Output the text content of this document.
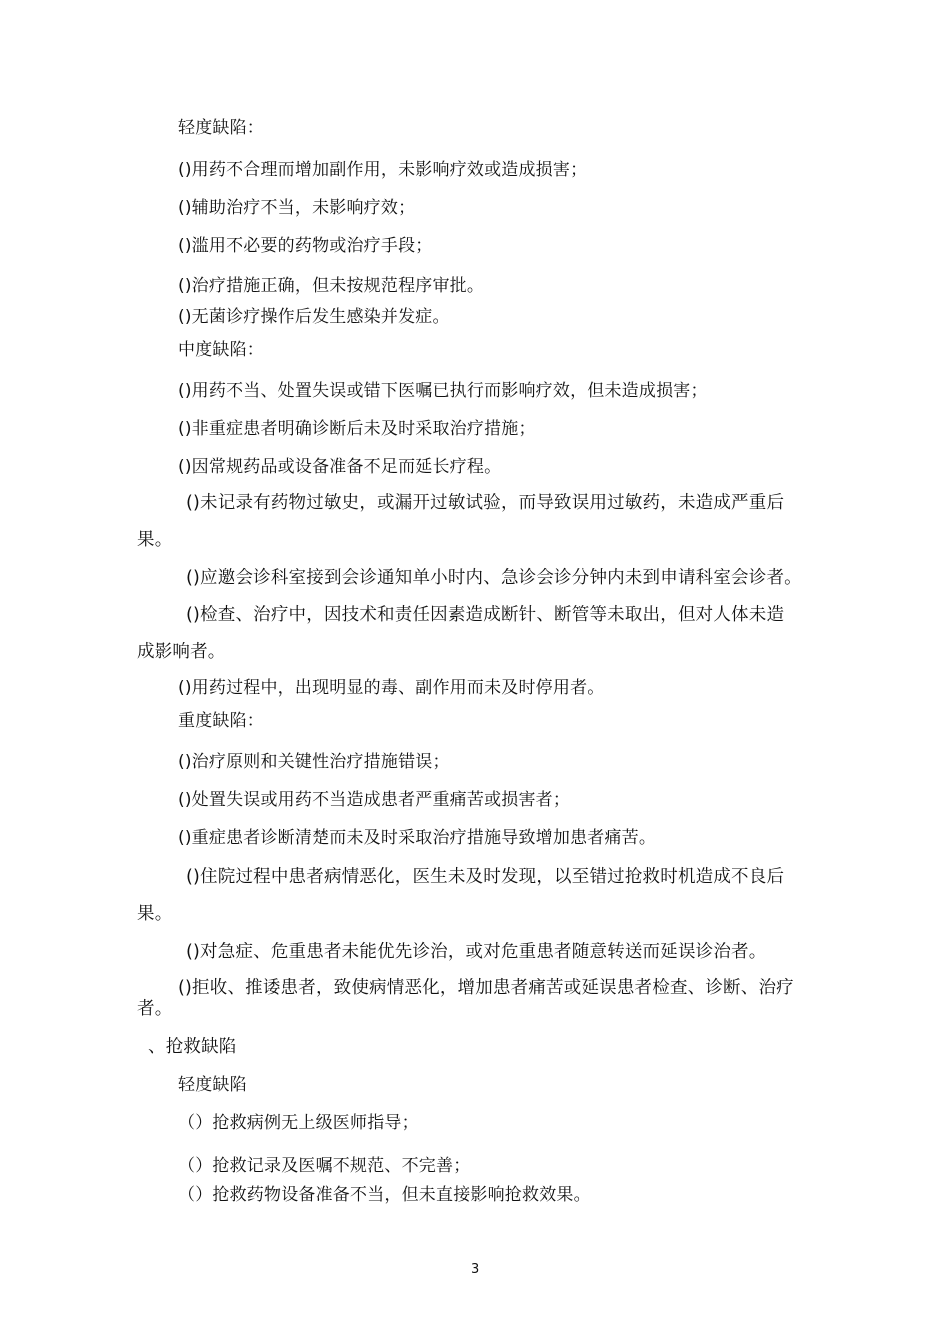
轻度缺陷：
()用药不合理而增加副作用，未影响疗效或造成损害；
()辅助治疗不当，未影响疗效；
()滥用不必要的药物或治疗手段；
()治疗措施正确，但未按规范程序审批。
()无菌诊疗操作后发生感染并发症。
中度缺陷：
()用药不当、处置失误或错下医嘱已执行而影响疗效，但未造成损害；
()非重症患者明确诊断后未及时采取治疗措施；
()因常规药品或设备准备不足而延长疗程。
()未记录有药物过敏史，或漏开过敏试验，而导致误用过敏药，未造成严重后
果。
()应邀会诊科室接到会诊通知单小时内、急诊会诊分钟内未到申请科室会诊者。
()检查、治疗中，因技术和责任因素造成断针、断管等未取出，但对人体未造
成影响者。
()用药过程中，出现明显的毒、副作用而未及时停用者。
重度缺陷：
()治疗原则和关键性治疗措施错误；
()处置失误或用药不当造成患者严重痛苦或损害者；
()重症患者诊断清楚而未及时采取治疗措施导致增加患者痛苦。
()住院过程中患者病情恶化，医生未及时发现，以至错过抢救时机造成不良后
果。
()对急症、危重患者未能优先诊治，或对危重患者随意转送而延误诊治者。
()拒收、推诿患者，致使病情恶化，增加患者痛苦或延误患者检查、诊断、治疗
者。
、抢救缺陷
轻度缺陷
（）抢救病例无上级医师指导；
（）抢救记录及医嘱不规范、不完善；
（）抢救药物设备准备不当，但未直接影响抢救效果。
3
